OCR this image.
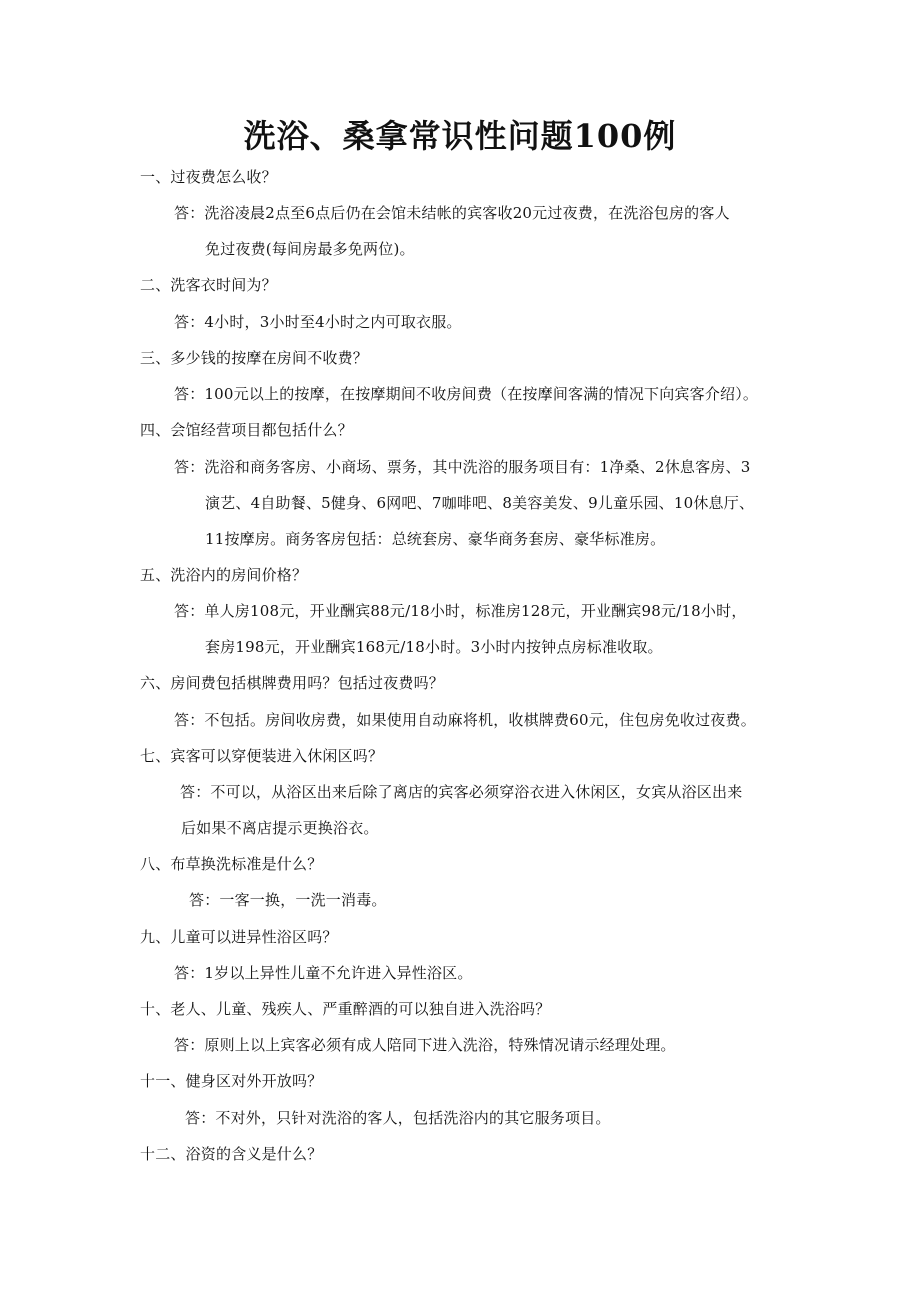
洗浴、桑拿常识性问题100例
一、过夜费怎么收？
答：洗浴凌晨2点至6点后仍在会馆未结帐的宾客收20元过夜费，在洗浴包房的客人
免过夜费(每间房最多免两位)。
二、洗客衣时间为？
答：4小时，3小时至4小时之内可取衣服。
三、多少钱的按摩在房间不收费？
答：100元以上的按摩，在按摩期间不收房间费（在按摩间客满的情况下向宾客介绍）。
四、会馆经营项目都包括什么？
答：洗浴和商务客房、小商场、票务，其中洗浴的服务项目有：1净桑、2休息客房、3
演艺、4自助餐、5健身、6网吧、7咖啡吧、8美容美发、9儿童乐园、10休息厅、
11按摩房。商务客房包括：总统套房、豪华商务套房、豪华标准房。
五、洗浴内的房间价格？
答：单人房108元，开业酬宾88元/18小时，标准房128元，开业酬宾98元/18小时，
套房198元，开业酬宾168元/18小时。3小时内按钟点房标准收取。
六、房间费包括棋牌费用吗？包括过夜费吗？
答：不包括。房间收房费，如果使用自动麻将机，收棋牌费60元，住包房免收过夜费。
七、宾客可以穿便装进入休闲区吗？
答：不可以，从浴区出来后除了离店的宾客必须穿浴衣进入休闲区，女宾从浴区出来
后如果不离店提示更换浴衣。
八、布草换洗标准是什么？
答：一客一换，一洗一消毒。
九、儿童可以进异性浴区吗？
答：1岁以上异性儿童不允许进入异性浴区。
十、老人、儿童、残疾人、严重醉酒的可以独自进入洗浴吗？
答：原则上以上宾客必须有成人陪同下进入洗浴，特殊情况请示经理处理。
十一、健身区对外开放吗？
答：不对外，只针对洗浴的客人，包括洗浴内的其它服务项目。
十二、浴资的含义是什么？
